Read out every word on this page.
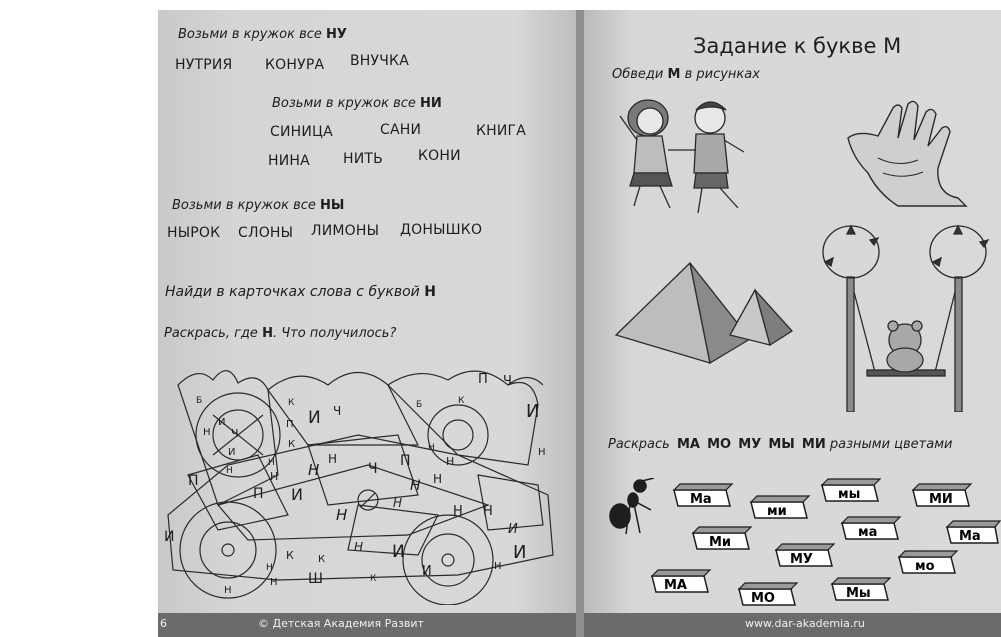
Возьми в кружок все НУ
НУТРИЯ КОНУРА ВНУЧКА
Возьми в кружок все НИ
СИНИЦА	САНИ	КНИГА
НИНА НИТЬ	КОНИ
Возьми в кружок все НЫ
НЫРОК СЛОНЫ ЛИМОНЫ ДОНЫШКО
Найди в карточках слова с буквой Н
Раскрась, где Н. Что получилось?
Б
П Ч
Н
И
Ч
И
Н
И
К
П
Ч	Б	К	И
К
Н Н
Н
Ч П
Н
Н
Н
П
П И
Н
Н Н
Н
Н
И
Н Н
И
К К	И
И
И
Н
Н
Ш	К
Н
Н
Н
6	© Детская Академия Развит
Задание к букве М
Обведи М в рисунках
Раскрась МА МО МУ МЫ МИ разными цветами
Ма	мы	МИ
ми
ма	Ма
Ми
МУ	мо
МА
МО	Мы
www.dar-akademia.ru
